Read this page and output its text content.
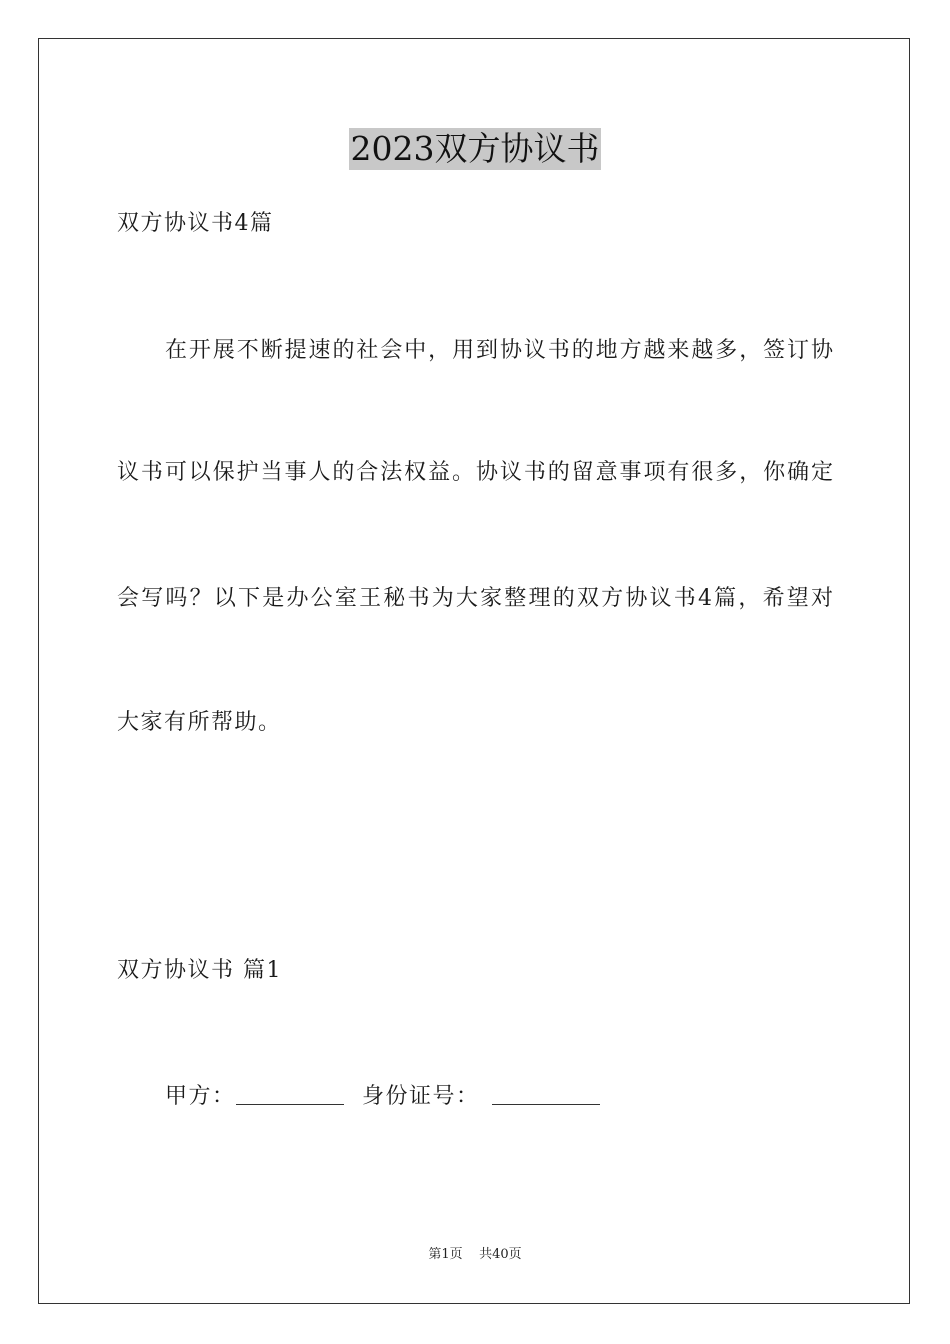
2023双方协议书
双方协议书4篇
在开展不断提速的社会中，用到协议书的地方越来越多，签订协
议书可以保护当事人的合法权益。协议书的留意事项有很多，你确定
会写吗？以下是办公室王秘书为大家整理的双方协议书4篇，希望对
大家有所帮助。
双方协议书 篇1
甲方：	身份证号：
第1页 共40页
